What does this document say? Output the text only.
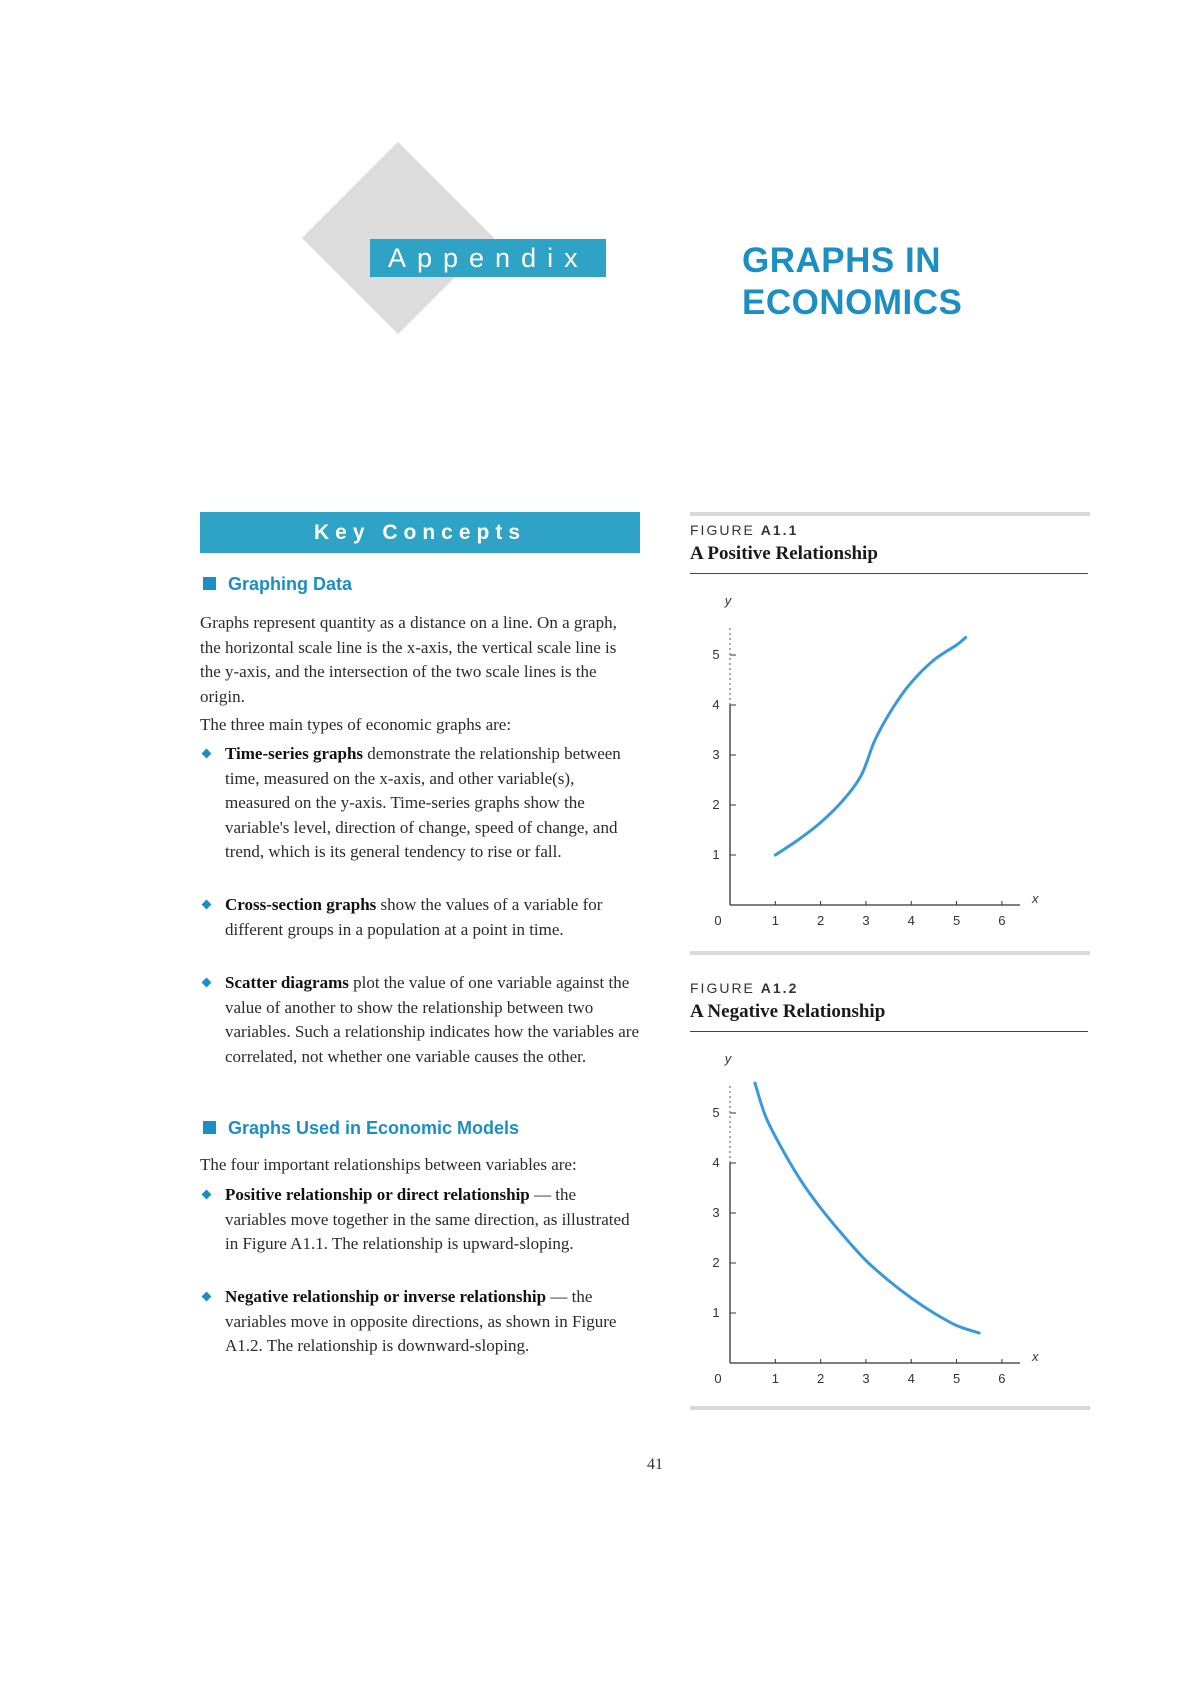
Appendix	GRAPHS IN
ECONOMICS
Key Concepts
Graphing Data

Graphs represent quantity as a distance on a line. On a graph, the horizontal scale line is the x-axis, the vertical scale line is the y-axis, and the intersection of the two scale lines is the origin.

The three main types of economic graphs are:

Time-series graphs demonstrate the relationship between time, measured on the x-axis, and other variable(s), measured on the y-axis. Time-series graphs show the variable's level, direction of change, speed of change, and trend, which is its general tendency to rise or fall.
Cross-section graphs show the values of a variable for different groups in a population at a point in time.
Scatter diagrams plot the value of one variable against the value of another to show the relationship between two variables. Such a relationship indicates how the variables are correlated, not whether one variable causes the other.
Graphs Used in Economic Models

The four important relationships between variables are:

Positive relationship or direct relationship — the variables move together in the same direction, as illustrated in Figure A1.1. The relationship is upward-sloping.
Negative relationship or inverse relationship — the variables move in opposite directions, as shown in Figure A1.2. The relationship is downward-sloping.
FIGURE A1.1
A Positive Relationship
0	1	2	3	4	5	6
1
2
3
4
5
x
y
FIGURE A1.2
A Negative Relationship
0	1	2	3	4	5	6
1
2
3
4
5
x
y
41
